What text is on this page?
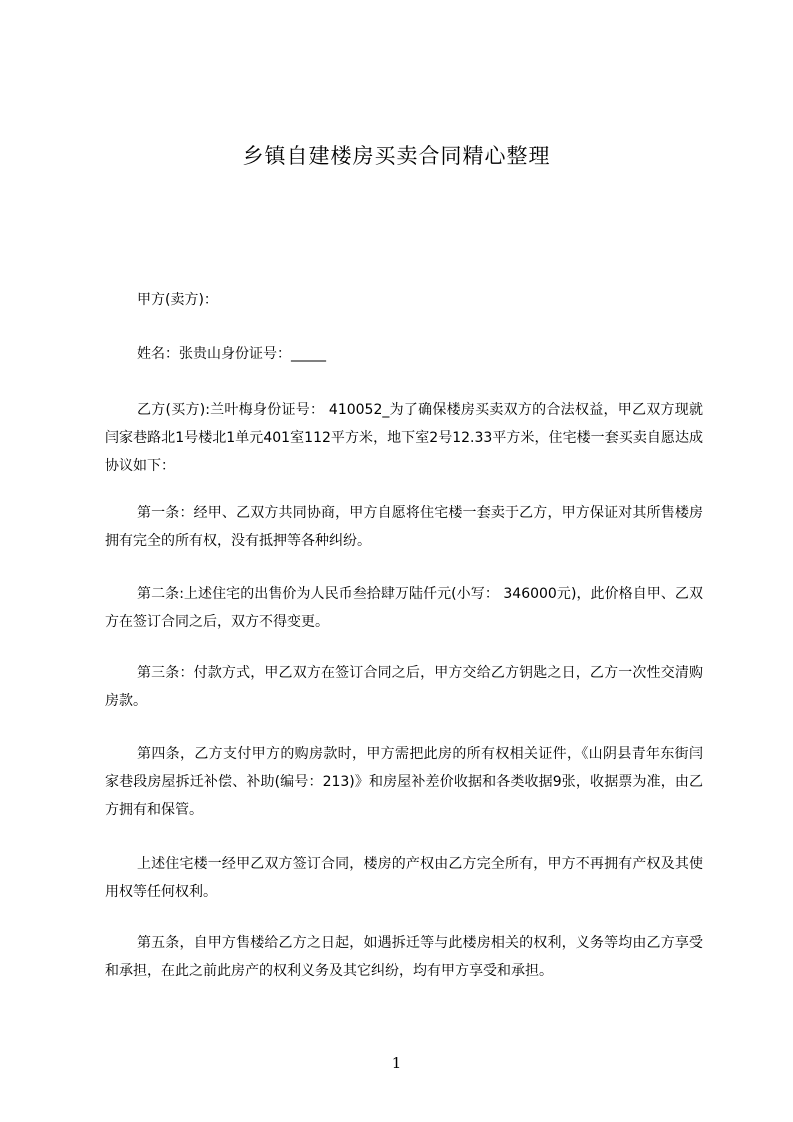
乡镇自建楼房买卖合同精心整理

甲方(卖方)：

姓名：张贵山身份证号：_____

乙方(买方):兰叶梅身份证号： 410052_为了确保楼房买卖双方的合法权益，甲乙双方现就闫家巷路北1号楼北1单元401室112平方米，地下室2号12.33平方米，住宅楼一套买卖自愿达成协议如下：

第一条：经甲、乙双方共同协商，甲方自愿将住宅楼一套卖于乙方，甲方保证对其所售楼房拥有完全的所有权，没有抵押等各种纠纷。

第二条:上述住宅的出售价为人民币叁拾肆万陆仟元(小写： 346000元)，此价格自甲、乙双方在签订合同之后，双方不得变更。

第三条：付款方式，甲乙双方在签订合同之后，甲方交给乙方钥匙之日，乙方一次性交清购房款。

第四条，乙方支付甲方的购房款时，甲方需把此房的所有权相关证件，《山阴县青年东街闫家巷段房屋拆迁补偿、补助(编号：213)》和房屋补差价收据和各类收据9张，收据票为准，由乙方拥有和保管。

上述住宅楼一经甲乙双方签订合同，楼房的产权由乙方完全所有，甲方不再拥有产权及其使用权等任何权利。

第五条，自甲方售楼给乙方之日起，如遇拆迁等与此楼房相关的权利，义务等均由乙方享受和承担，在此之前此房产的权利义务及其它纠纷，均有甲方享受和承担。

1
